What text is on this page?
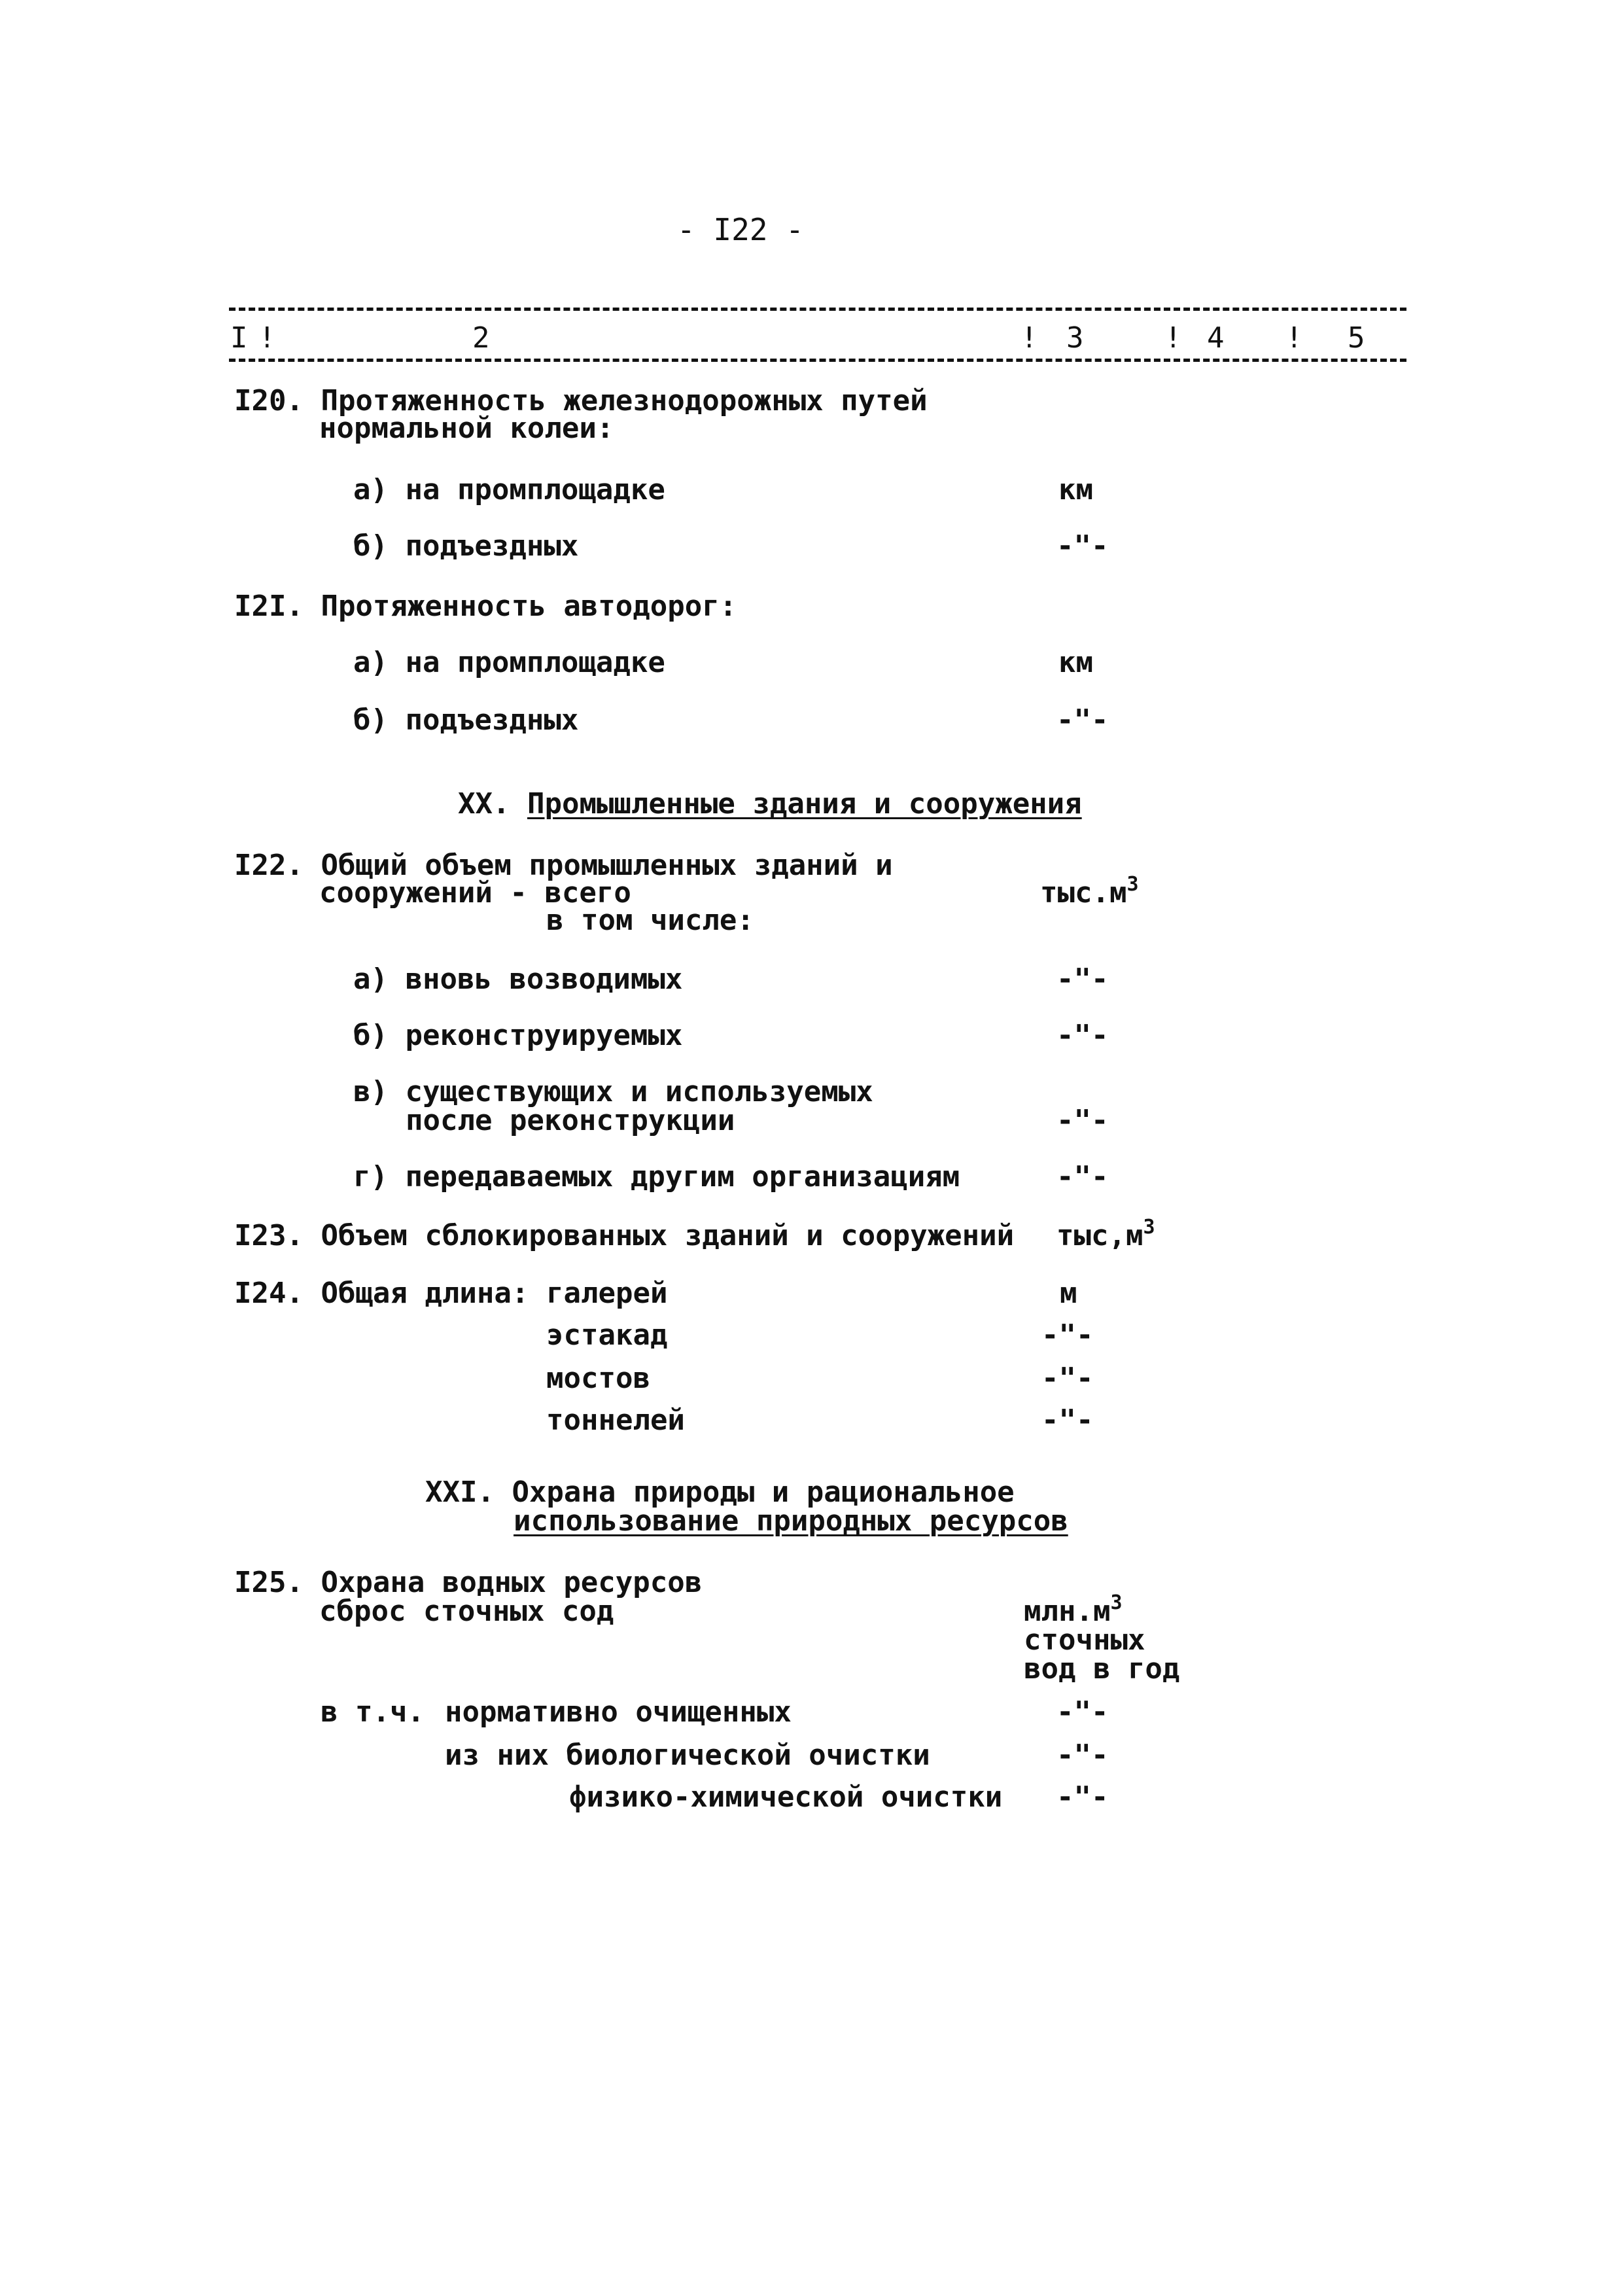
- I22 -
I !	2	! 3	! 4 ! 5
I20. Протяженность железнодорожных путей
нормальной колеи:
а) на промплощадке	км
б) подъездных	-"-
I2I. Протяженность автодорог:
а) на промплощадке	км
б) подъездных	-"-
XX. Промышленные здания и сооружения
I22. Общий объем промышленных зданий и
сооружений - всего	$тыс.м^3$
в том числе:
а) вновь возводимых	-"-
б) реконструируемых	-"-
в) существующих и используемых
после реконструкции	-"-
г) передаваемых другим организациям	-"-
I23. Объем сблокированных зданий и сооружений $тыс,м^3$
I24. Общая длина: галерей	м
эстакад	-"-
мостов	-"-
тоннелей	-"-
XXI. Охрана природы и рациональное
использование природных ресурсов
I25. Охрана водных ресурсов
сброс сточных сод	$млн.м^3$
сточных
вод в год
в т.ч. нормативно очищенных	-"-
из них биологической очистки	-"-
физико-химической очистки -"-
